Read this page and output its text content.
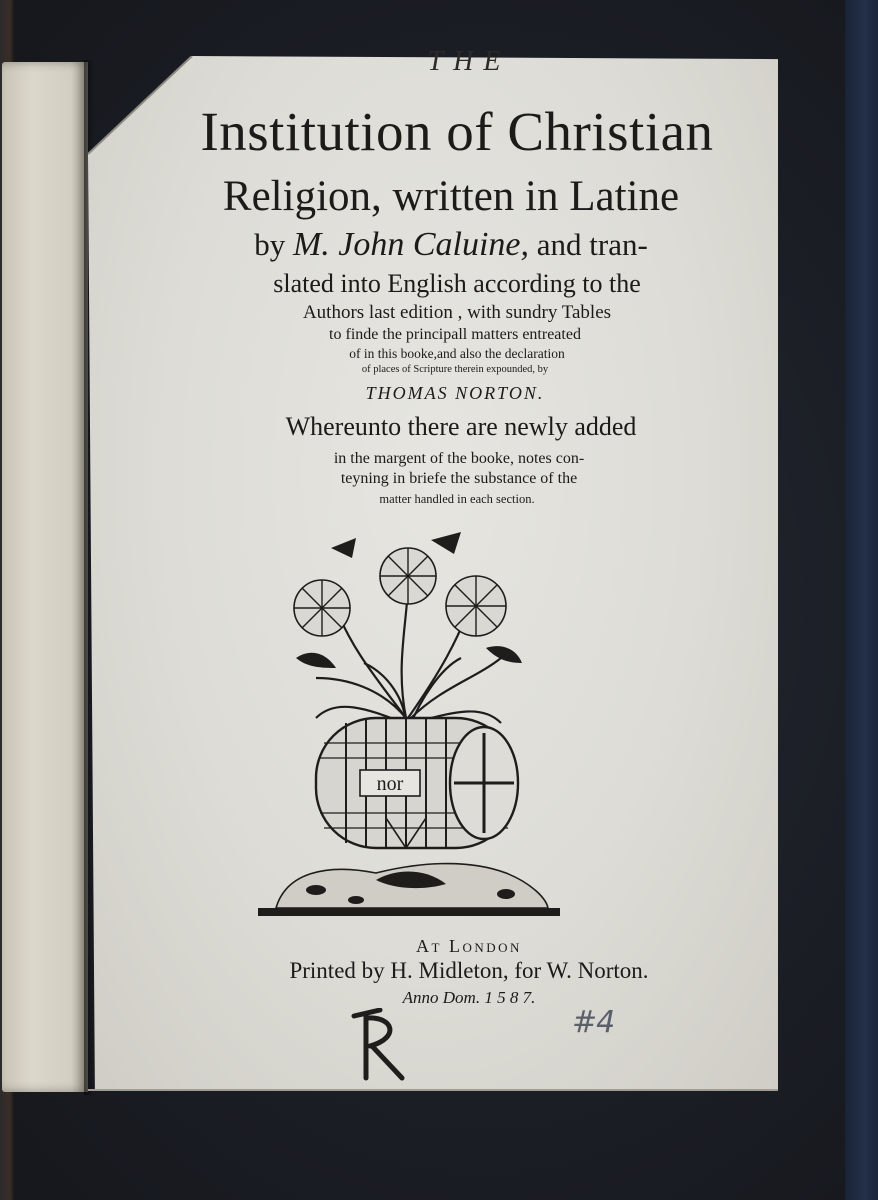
THE
Institution of Christian
Religion, written in Latine
by M. John Caluine, and tran-
slated into English according to the
Authors last edition , with sundry Tables
to finde the principall matters entreated
of in this booke,and also the declaration
of places of Scripture therein expounded, by
THOMAS NORTON.
Whereunto there are newly added
in the margent of the booke, notes con-
teyning in briefe the substance of the
matter handled in each section.
nor
At London
Printed by H. Midleton, for W. Norton.
Anno Dom. 1 5 8 7.
#4
